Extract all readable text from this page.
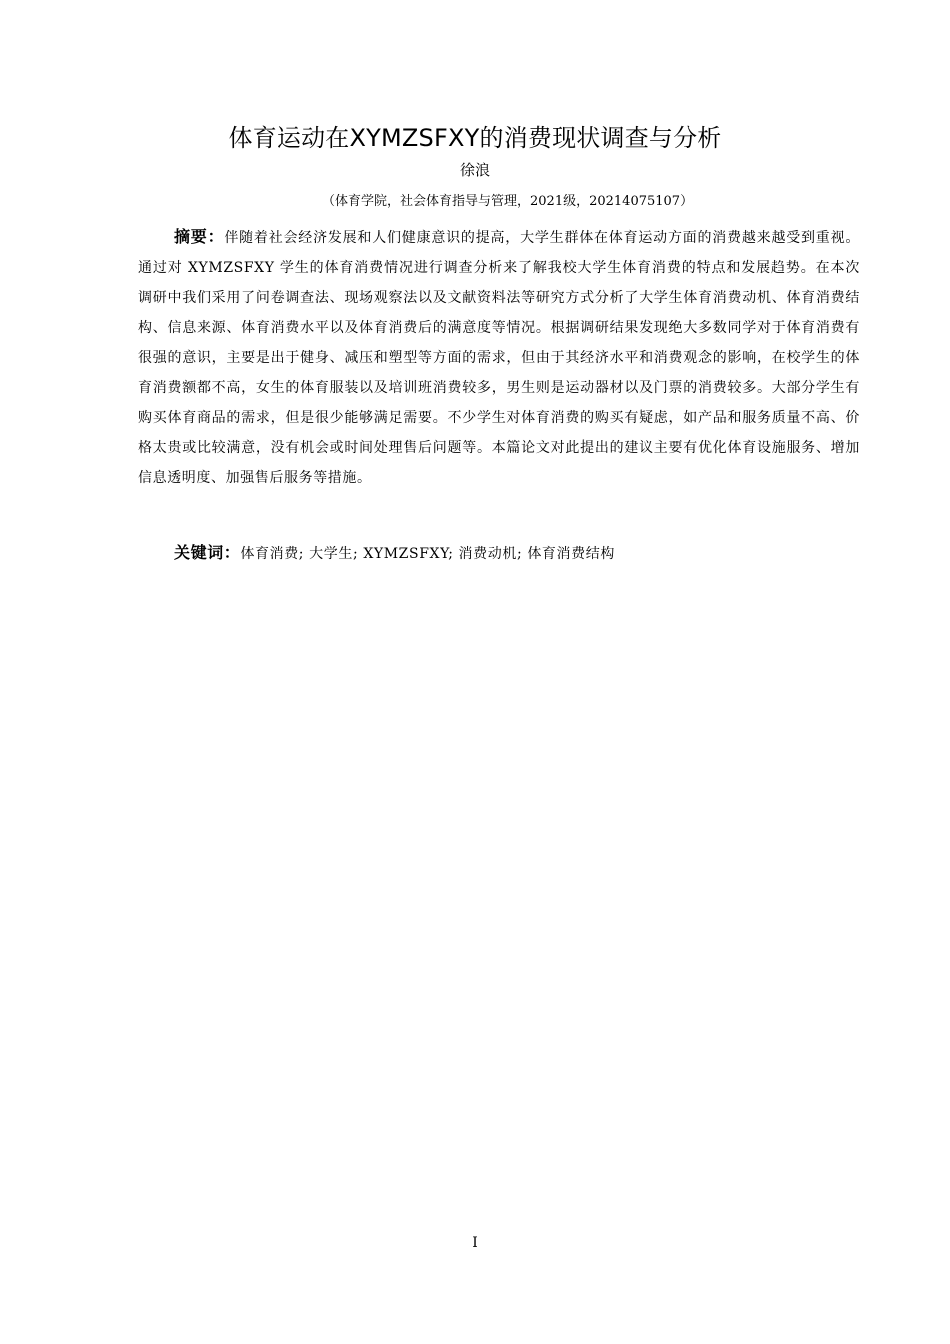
体育运动在XYMZSFXY的消费现状调查与分析
徐浪
（体育学院，社会体育指导与管理，2021级，20214075107）

摘要：伴随着社会经济发展和人们健康意识的提高，大学生群体在体育运动方面的消费越来越受到重视。通过对 XYMZSFXY 学生的体育消费情况进行调查分析来了解我校大学生体育消费的特点和发展趋势。在本次调研中我们采用了问卷调查法、现场观察法以及文献资料法等研究方式分析了大学生体育消费动机、体育消费结构、信息来源、体育消费水平以及体育消费后的满意度等情况。根据调研结果发现绝大多数同学对于体育消费有很强的意识，主要是出于健身、减压和塑型等方面的需求，但由于其经济水平和消费观念的影响，在校学生的体育消费额都不高，女生的体育服装以及培训班消费较多，男生则是运动器材以及门票的消费较多。大部分学生有购买体育商品的需求，但是很少能够满足需要。不少学生对体育消费的购买有疑虑，如产品和服务质量不高、价格太贵或比较满意，没有机会或时间处理售后问题等。本篇论文对此提出的建议主要有优化体育设施服务、增加信息透明度、加强售后服务等措施。

关键词：体育消费; 大学生; XYMZSFXY; 消费动机; 体育消费结构
I
